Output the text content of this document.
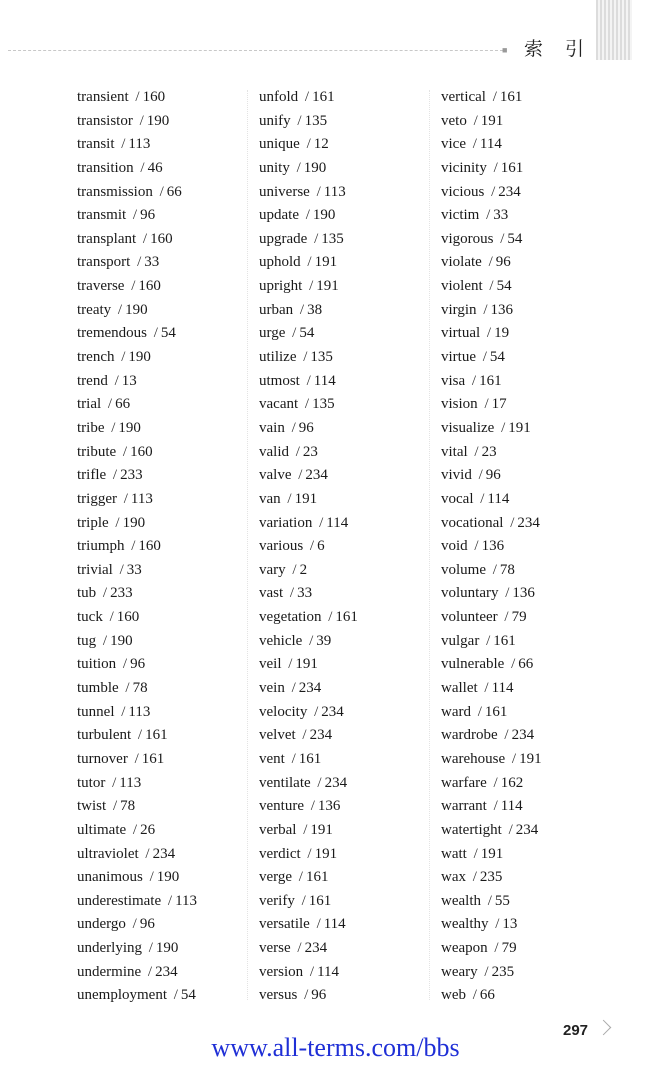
■ 索 引
transient / 160
transistor / 190
transit / 113
transition / 46
transmission / 66
transmit / 96
transplant / 160
transport / 33
traverse / 160
treaty / 190
tremendous / 54
trench / 190
trend / 13
trial / 66
tribe / 190
tribute / 160
trifle / 233
trigger / 113
triple / 190
triumph / 160
trivial / 33
tub / 233
tuck / 160
tug / 190
tuition / 96
tumble / 78
tunnel / 113
turbulent / 161
turnover / 161
tutor / 113
twist / 78
ultimate / 26
ultraviolet / 234
unanimous / 190
underestimate / 113
undergo / 96
underlying / 190
undermine / 234
unemployment / 54
unfold / 161
unify / 135
unique / 12
unity / 190
universe / 113
update / 190
upgrade / 135
uphold / 191
upright / 191
urban / 38
urge / 54
utilize / 135
utmost / 114
vacant / 135
vain / 96
valid / 23
valve / 234
van / 191
variation / 114
various / 6
vary / 2
vast / 33
vegetation / 161
vehicle / 39
veil / 191
vein / 234
velocity / 234
velvet / 234
vent / 161
ventilate / 234
venture / 136
verbal / 191
verdict / 191
verge / 161
verify / 161
versatile / 114
verse / 234
version / 114
versus / 96
vertical / 161
veto / 191
vice / 114
vicinity / 161
vicious / 234
victim / 33
vigorous / 54
violate / 96
violent / 54
virgin / 136
virtual / 19
virtue / 54
visa / 161
vision / 17
visualize / 191
vital / 23
vivid / 96
vocal / 114
vocational / 234
void / 136
volume / 78
voluntary / 136
volunteer / 79
vulgar / 161
vulnerable / 66
wallet / 114
ward / 161
wardrobe / 234
warehouse / 191
warfare / 162
warrant / 114
watertight / 234
watt / 191
wax / 235
wealth / 55
wealthy / 13
weapon / 79
weary / 235
web / 66
297
www.all-terms.com/bbs
